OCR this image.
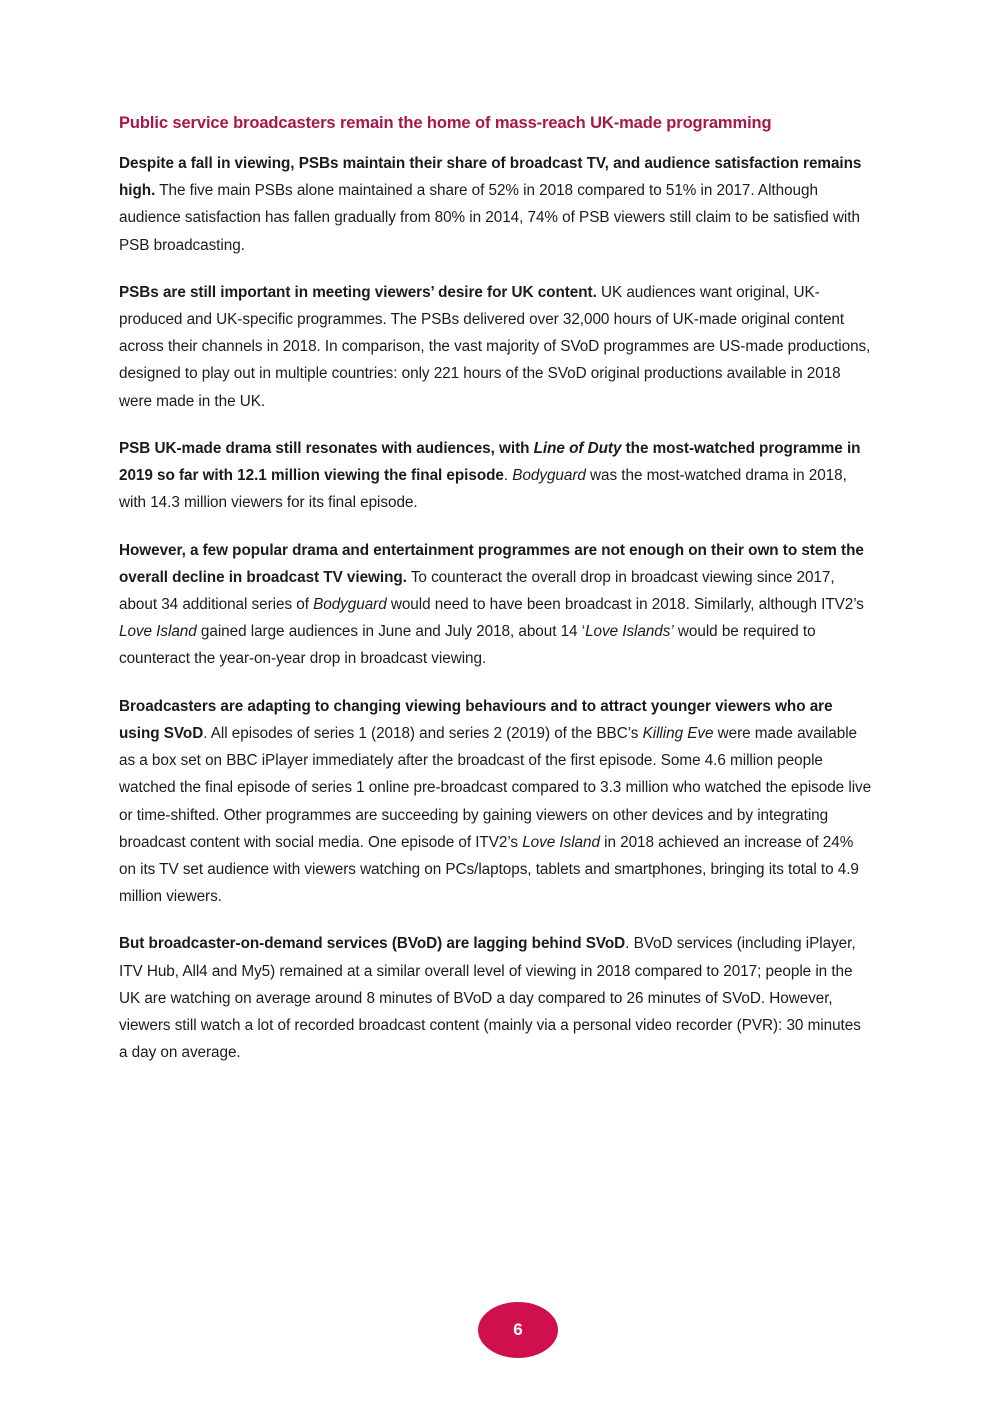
Public service broadcasters remain the home of mass-reach UK-made programming

Despite a fall in viewing, PSBs maintain their share of broadcast TV, and audience satisfaction remains high. The five main PSBs alone maintained a share of 52% in 2018 compared to 51% in 2017. Although audience satisfaction has fallen gradually from 80% in 2014, 74% of PSB viewers still claim to be satisfied with PSB broadcasting.

PSBs are still important in meeting viewers’ desire for UK content. UK audiences want original, UK-produced and UK-specific programmes. The PSBs delivered over 32,000 hours of UK-made original content across their channels in 2018. In comparison, the vast majority of SVoD programmes are US-made productions, designed to play out in multiple countries: only 221 hours of the SVoD original productions available in 2018 were made in the UK.

PSB UK-made drama still resonates with audiences, with Line of Duty the most-watched programme in 2019 so far with 12.1 million viewing the final episode. Bodyguard was the most-watched drama in 2018, with 14.3 million viewers for its final episode.

However, a few popular drama and entertainment programmes are not enough on their own to stem the overall decline in broadcast TV viewing. To counteract the overall drop in broadcast viewing since 2017, about 34 additional series of Bodyguard would need to have been broadcast in 2018. Similarly, although ITV2’s Love Island gained large audiences in June and July 2018, about 14 ‘Love Islands’ would be required to counteract the year-on-year drop in broadcast viewing.

Broadcasters are adapting to changing viewing behaviours and to attract younger viewers who are using SVoD. All episodes of series 1 (2018) and series 2 (2019) of the BBC’s Killing Eve were made available as a box set on BBC iPlayer immediately after the broadcast of the first episode. Some 4.6 million people watched the final episode of series 1 online pre-broadcast compared to 3.3 million who watched the episode live or time-shifted. Other programmes are succeeding by gaining viewers on other devices and by integrating broadcast content with social media. One episode of ITV2’s Love Island in 2018 achieved an increase of 24% on its TV set audience with viewers watching on PCs/laptops, tablets and smartphones, bringing its total to 4.9 million viewers.

But broadcaster-on-demand services (BVoD) are lagging behind SVoD. BVoD services (including iPlayer, ITV Hub, All4 and My5) remained at a similar overall level of viewing in 2018 compared to 2017; people in the UK are watching on average around 8 minutes of BVoD a day compared to 26 minutes of SVoD. However, viewers still watch a lot of recorded broadcast content (mainly via a personal video recorder (PVR): 30 minutes a day on average.

6
